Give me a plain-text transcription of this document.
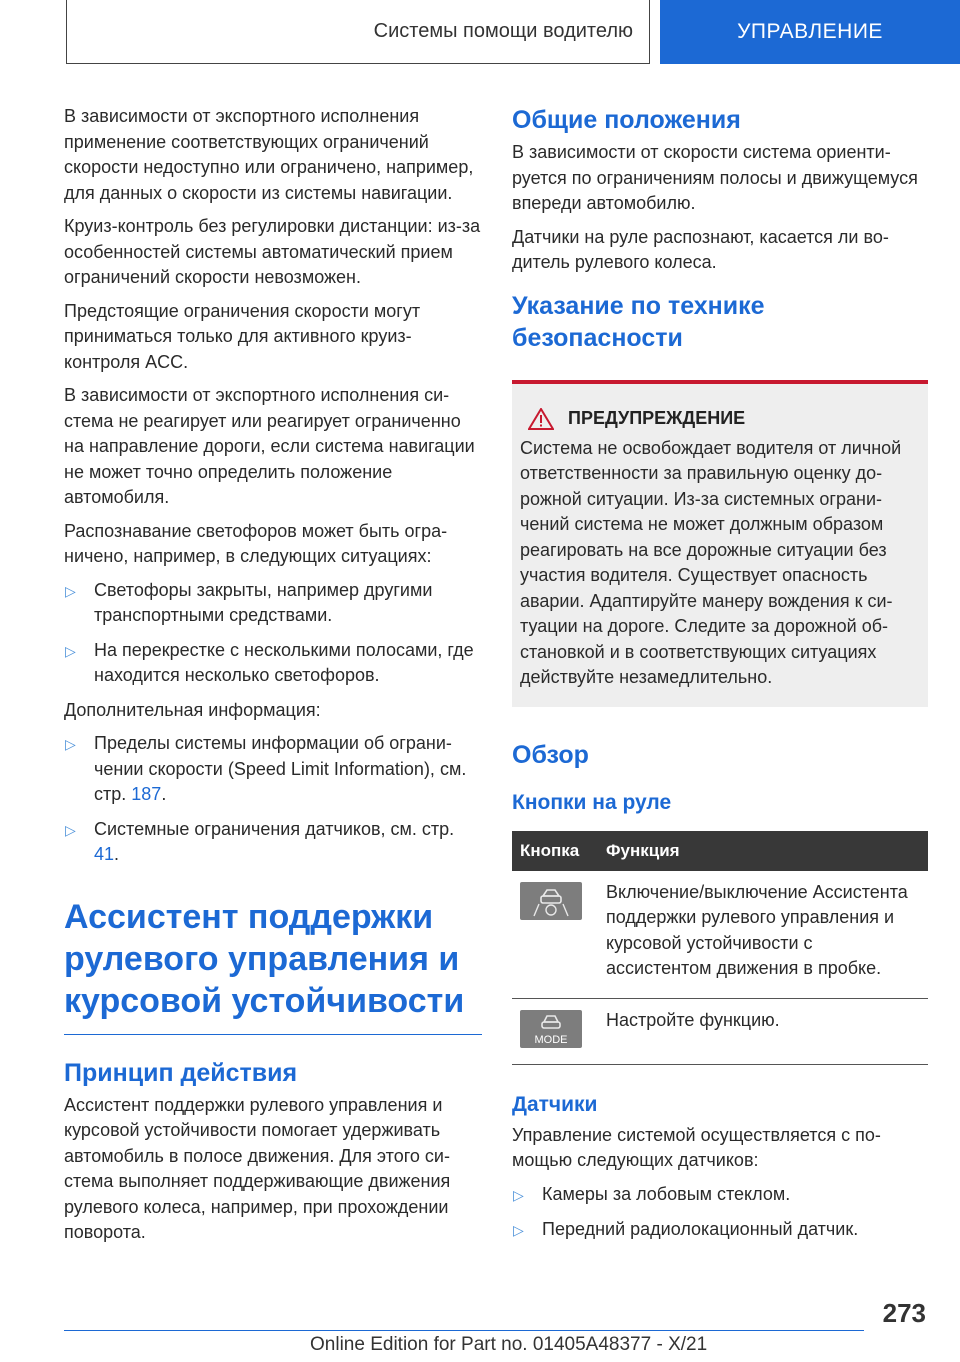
Системы помощи водителю	УПРАВЛЕНИЕ

В зависимости от экспортного исполнения применение соответствующих ограничений скорости недоступно или ограничено, например, для данных о скорости из системы навигации.

Круиз-контроль без регулировки дистанции: из-за особенностей системы автоматический прием ограничений скорости невозможен.

Предстоящие ограничения скорости могут приниматься только для активного круиз-контроля ACC.

В зависимости от экспортного исполнения система не реагирует или реагирует ограниченно на направление дороги, если система навигации не может точно определить положение автомобиля.

Распознавание светофоров может быть ограничено, например, в следующих ситуациях:

▷	Светофоры закрыты, например другими транспортными средствами.
▷	На перекрестке с несколькими полосами, где находится несколько светофоров.

Дополнительная информация:

▷	Пределы системы информации об ограничении скорости (Speed Limit Information), см. стр. 187.
▷	Системные ограничения датчиков, см. стр. 41.
Ассистент поддержки рулевого управления и курсовой устойчивости
Принцип действия

Ассистент поддержки рулевого управления и курсовой устойчивости помогает удерживать автомобиль в полосе движения. Для этого система выполняет поддерживающие движения рулевого колеса, например, при прохождении поворота.

Общие положения

В зависимости от скорости система ориентируется по ограничениям полосы и движущемуся впереди автомобилю.

Датчики на руле распознают, касается ли водитель рулевого колеса.

Указание по технике безопасности
ПРЕДУПРЕЖДЕНИЕ

Система не освобождает водителя от личной ответственности за правильную оценку дорожной ситуации. Из-за системных ограничений система не может должным образом реагировать на все дорожные ситуации без участия водителя. Существует опасность аварии. Адаптируйте манеру вождения к ситуации на дороге. Следите за дорожной обстановкой и в соответствующих ситуациях действуйте незамедлительно.

Обзор
Кнопки на руле
Кнопка	Функция

	Включение/выключение Ассистента поддержки рулевого управления и курсовой устойчивости с ассистентом движения в пробке.

MODE	Настройте функцию.
Датчики

Управление системой осуществляется с помощью следующих датчиков:

▷	Камеры за лобовым стеклом.
▷	Передний радиолокационный датчик.
273
Online Edition for Part no. 01405A48377 - X/21
